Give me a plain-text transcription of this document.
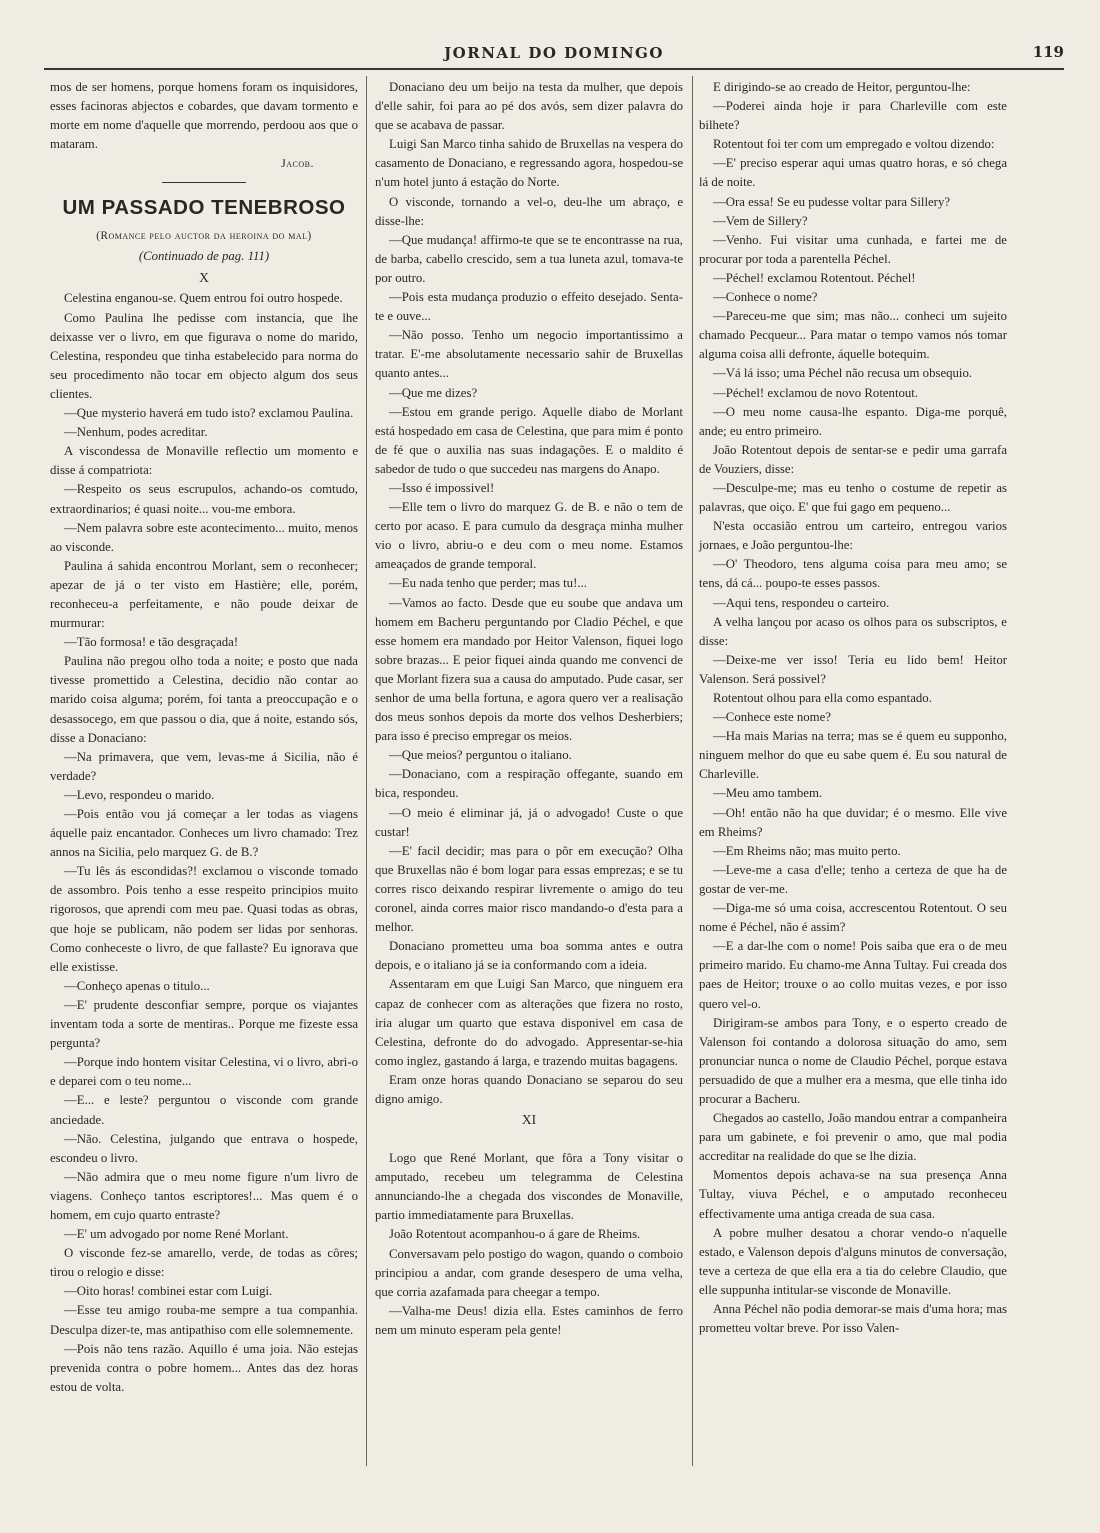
JORNAL DO DOMINGO	119

mos de ser homens, porque homens foram os inquisidores, esses facinoras abjectos e cobardes, que davam tormento e morte em nome d'aquelle que morrendo, perdoou aos que o mataram.

Jacob.

UM PASSADO TENEBROSO

(Romance pelo auctor da heroina do mal)

(Continuado de pag. 111)

X

Celestina enganou-se. Quem entrou foi outro hospede.

Como Paulina lhe pedisse com instancia, que lhe deixasse ver o livro, em que figurava o nome do marido, Celestina, respondeu que tinha estabelecido para norma do seu procedimento não tocar em objecto algum dos seus clientes.

—Que mysterio haverá em tudo isto? exclamou Paulina.

—Nenhum, podes acreditar.

A viscondessa de Monaville reflectio um momento e disse á compatriota:

—Respeito os seus escrupulos, achando-os comtudo, extraordinarios; é quasi noite... vou-me embora.

—Nem palavra sobre este acontecimento... muito, menos ao visconde.

Paulina á sahida encontrou Morlant, sem o reconhecer; apezar de já o ter visto em Hastière; elle, porém, reconheceu-a perfeitamente, e não poude deixar de murmurar:

—Tão formosa! e tão desgraçada!

Paulina não pregou olho toda a noite; e posto que nada tivesse promettido a Celestina, decidio não contar ao marido coisa alguma; porém, foi tanta a preoccupação e o desassocego, em que passou o dia, que á noite, estando sós, disse a Donaciano:

—Na primavera, que vem, levas-me á Sicilia, não é verdade?

—Levo, respondeu o marido.

—Pois então vou já começar a ler todas as viagens áquelle paiz encantador. Conheces um livro chamado: Trez annos na Sicilia, pelo marquez G. de B.?

—Tu lês ás escondidas?! exclamou o visconde tomado de assombro. Pois tenho a esse respeito principios muito rigorosos, que aprendi com meu pae. Quasi todas as obras, que hoje se publicam, não podem ser lidas por senhoras. Como conheceste o livro, de que fallaste? Eu ignorava que elle existisse.

—Conheço apenas o titulo...

—E' prudente desconfiar sempre, porque os viajantes inventam toda a sorte de mentiras.. Porque me fizeste essa pergunta?

—Porque indo hontem visitar Celestina, vi o livro, abri-o e deparei com o teu nome...

—E... e leste? perguntou o visconde com grande anciedade.

—Não. Celestina, julgando que entrava o hospede, escondeu o livro.

—Não admira que o meu nome figure n'um livro de viagens. Conheço tantos escriptores!... Mas quem é o homem, em cujo quarto entraste?

—E' um advogado por nome René Morlant.

O visconde fez-se amarello, verde, de todas as côres; tirou o relogio e disse:

—Oito horas! combinei estar com Luigi.

—Esse teu amigo rouba-me sempre a tua companhia. Desculpa dizer-te, mas antipathiso com elle solemnemente.

—Pois não tens razão. Aquillo é uma joia. Não estejas prevenida contra o pobre homem... Antes das dez horas estou de volta.

Donaciano deu um beijo na testa da mulher, que depois d'elle sahir, foi para ao pé dos avós, sem dizer palavra do que se acabava de passar.

Luigi San Marco tinha sahido de Bruxellas na vespera do casamento de Donaciano, e regressando agora, hospedou-se n'um hotel junto á estação do Norte.

O visconde, tornando a vel-o, deu-lhe um abraço, e disse-lhe:

—Que mudança! affirmo-te que se te encontrasse na rua, de barba, cabello crescido, sem a tua luneta azul, tomava-te por outro.

—Pois esta mudança produzio o effeito desejado. Senta-te e ouve...

—Não posso. Tenho um negocio importantissimo a tratar. E'-me absolutamente necessario sahir de Bruxellas quanto antes...

—Que me dizes?

—Estou em grande perigo. Aquelle diabo de Morlant está hospedado em casa de Celestina, que para mim é ponto de fé que o auxilia nas suas indagações. E o maldito é sabedor de tudo o que succedeu nas margens do Anapo.

—Isso é impossivel!

—Elle tem o livro do marquez G. de B. e não o tem de certo por acaso. E para cumulo da desgraça minha mulher vio o livro, abriu-o e deu com o meu nome. Estamos ameaçados de grande temporal.

—Eu nada tenho que perder; mas tu!...

—Vamos ao facto. Desde que eu soube que andava um homem em Bacheru perguntando por Cladio Péchel, e que esse homem era mandado por Heitor Valenson, fiquei logo sobre brazas... E peior fiquei ainda quando me convenci de que Morlant fizera sua a causa do amputado. Pude casar, ser senhor de uma bella fortuna, e agora quero ver a realisação dos meus sonhos depois da morte dos velhos Desherbiers; para isso é preciso empregar os meios.

—Que meios? perguntou o italiano.

—Donaciano, com a respiração offegante, suando em bica, respondeu.

—O meio é eliminar já, já o advogado! Custe o que custar!

—E' facil decidir; mas para o pôr em execução? Olha que Bruxellas não é bom logar para essas emprezas; e se tu corres risco deixando respirar livremente o amigo do teu coronel, ainda corres maior risco mandando-o d'esta para a melhor.

Donaciano prometteu uma boa somma antes e outra depois, e o italiano já se ia conformando com a ideia.

Assentaram em que Luigi San Marco, que ninguem era capaz de conhecer com as alterações que fizera no rosto, iria alugar um quarto que estava disponivel em casa de Celestina, defronte do do advogado. Appresentar-se-hia como inglez, gastando á larga, e trazendo muitas bagagens.

Eram onze horas quando Donaciano se separou do seu digno amigo.

XI

Logo que René Morlant, que fôra a Tony visitar o amputado, recebeu um telegramma de Celestina annunciando-lhe a chegada dos viscondes de Monaville, partio immediatamente para Bruxellas.

João Rotentout acompanhou-o á gare de Rheims.

Conversavam pelo postigo do wagon, quando o comboio principiou a andar, com grande desespero de uma velha, que corria azafamada para cheegar a tempo.

—Valha-me Deus! dizia ella. Estes caminhos de ferro nem um minuto esperam pela gente!

E dirigindo-se ao creado de Heitor, perguntou-lhe:

—Poderei ainda hoje ir para Charleville com este bilhete?

Rotentout foi ter com um empregado e voltou dizendo:

—E' preciso esperar aqui umas quatro horas, e só chega lá de noite.

—Ora essa! Se eu pudesse voltar para Sillery?

—Vem de Sillery?

—Venho. Fui visitar uma cunhada, e fartei me de procurar por toda a parentella Péchel.

—Péchel! exclamou Rotentout. Péchel!

—Conhece o nome?

—Pareceu-me que sim; mas não... conheci um sujeito chamado Pecqueur... Para matar o tempo vamos nós tomar alguma coisa alli defronte, áquelle botequim.

—Vá lá isso; uma Péchel não recusa um obsequio.

—Péchel! exclamou de novo Rotentout.

—O meu nome causa-lhe espanto. Diga-me porquê, ande; eu entro primeiro.

João Rotentout depois de sentar-se e pedir uma garrafa de Vouziers, disse:

—Desculpe-me; mas eu tenho o costume de repetir as palavras, que oiço. E' que fui gago em pequeno...

N'esta occasião entrou um carteiro, entregou varios jornaes, e João perguntou-lhe:

—O' Theodoro, tens alguma coisa para meu amo; se tens, dá cá... poupo-te esses passos.

—Aqui tens, respondeu o carteiro.

A velha lançou por acaso os olhos para os subscriptos, e disse:

—Deixe-me ver isso! Teria eu lido bem! Heitor Valenson. Será possivel?

Rotentout olhou para ella como espantado.

—Conhece este nome?

—Ha mais Marias na terra; mas se é quem eu supponho, ninguem melhor do que eu sabe quem é. Eu sou natural de Charleville.

—Meu amo tambem.

—Oh! então não ha que duvidar; é o mesmo. Elle vive em Rheims?

—Em Rheims não; mas muito perto.

—Leve-me a casa d'elle; tenho a certeza de que ha de gostar de ver-me.

—Diga-me só uma coisa, accrescentou Rotentout. O seu nome é Péchel, não é assim?

—E a dar-lhe com o nome! Pois saiba que era o de meu primeiro marido. Eu chamo-me Anna Tultay. Fui creada dos paes de Heitor; trouxe o ao collo muitas vezes, e por isso quero vel-o.

Dirigiram-se ambos para Tony, e o esperto creado de Valenson foi contando a dolorosa situação do amo, sem pronunciar nunca o nome de Claudio Péchel, porque estava persuadido de que a mulher era a mesma, que elle tinha ido procurar a Bacheru.

Chegados ao castello, João mandou entrar a companheira para um gabinete, e foi prevenir o amo, que mal podia accreditar na realidade do que se lhe dizia.

Momentos depois achava-se na sua presença Anna Tultay, viuva Péchel, e o amputado reconheceu effectivamente uma antiga creada de sua casa.

A pobre mulher desatou a chorar vendo-o n'aquelle estado, e Valenson depois d'alguns minutos de conversação, teve a certeza de que ella era a tia do celebre Claudio, que elle suppunha intitular-se visconde de Monaville.

Anna Péchel não podia demorar-se mais d'uma hora; mas prometteu voltar breve. Por isso Valen-
